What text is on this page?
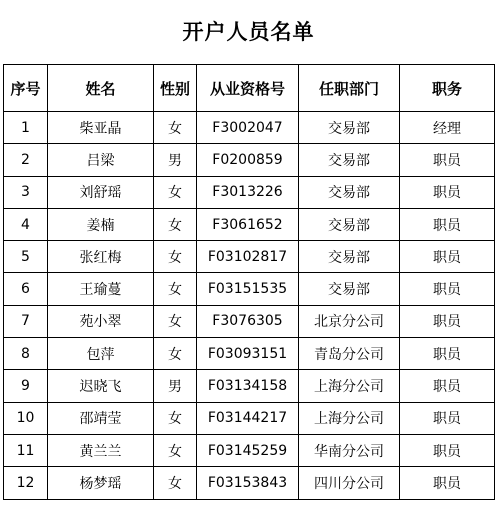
开户人员名单
序号	姓名	性别	从业资格号	任职部门	职务
1	柴亚晶	女	F3002047	交易部	经理
2	吕梁	男	F0200859	交易部	职员
3	刘舒瑶	女	F3013226	交易部	职员
4	姜楠	女	F3061652	交易部	职员
5	张红梅	女	F03102817	交易部	职员
6	王瑜蔓	女	F03151535	交易部	职员
7	苑小翠	女	F3076305	北京分公司	职员
8	包萍	女	F03093151	青岛分公司	职员
9	迟晓飞	男	F03134158	上海分公司	职员
10	邵靖莹	女	F03144217	上海分公司	职员
11	黄兰兰	女	F03145259	华南分公司	职员
12	杨梦瑶	女	F03153843	四川分公司	职员
